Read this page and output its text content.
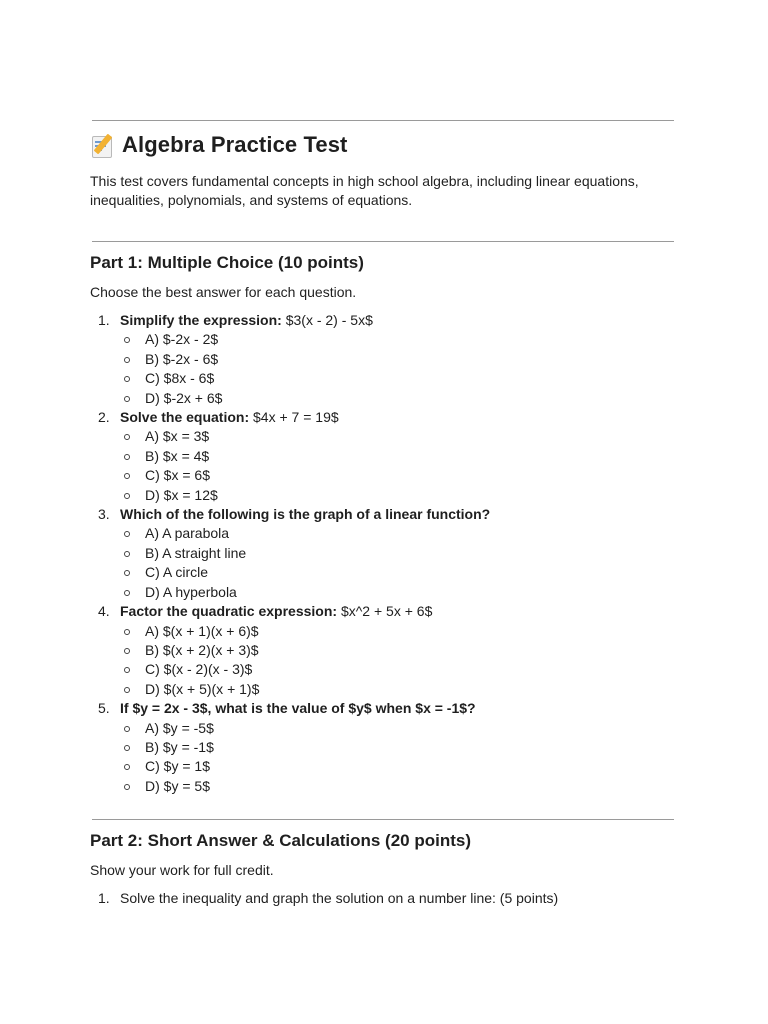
Algebra Practice Test

This test covers fundamental concepts in high school algebra, including linear equations, inequalities, polynomials, and systems of equations.

Part 1: Multiple Choice (10 points)

Choose the best answer for each question.

1. Simplify the expression: $3(x - 2) - 5x$
A) $-2x - 2$
B) $-2x - 6$
C) $8x - 6$
D) $-2x + 6$
2. Solve the equation: $4x + 7 = 19$
A) $x = 3$
B) $x = 4$
C) $x = 6$
D) $x = 12$
3. Which of the following is the graph of a linear function?
A) A parabola
B) A straight line
C) A circle
D) A hyperbola
4. Factor the quadratic expression: $x^2 + 5x + 6$
A) $(x + 1)(x + 6)$
B) $(x + 2)(x + 3)$
C) $(x - 2)(x - 3)$
D) $(x + 5)(x + 1)$
5. If $y = 2x - 3$, what is the value of $y$ when $x = -1$?
A) $y = -5$
B) $y = -1$
C) $y = 1$
D) $y = 5$
Part 2: Short Answer & Calculations (20 points)

Show your work for full credit.

1. Solve the inequality and graph the solution on a number line: (5 points)
